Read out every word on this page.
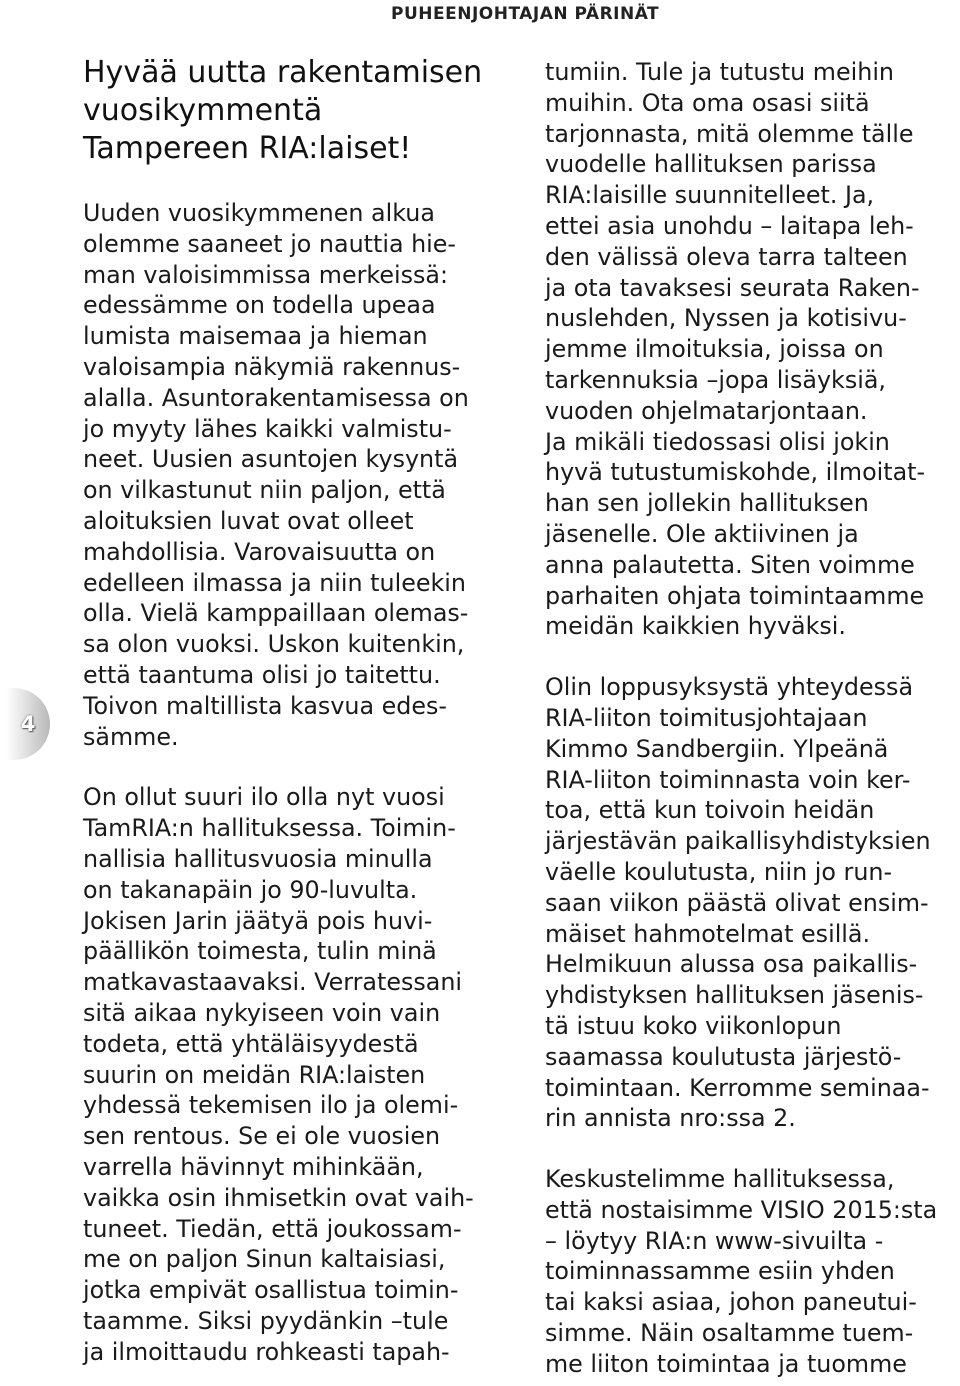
PUHEENJOHTAJAN PÄRINÄT
4
Hyvää uutta rakentamisen
vuosikymmentä
Tampereen RIA:laiset!

Uuden vuosikymmenen alkua
olemme saaneet jo nauttia hie-
man valoisimmissa merkeissä:
edessämme on todella upeaa
lumista maisemaa ja hieman
valoisampia näkymiä rakennus-
alalla. Asuntorakentamisessa on
jo myyty lähes kaikki valmistu-
neet. Uusien asuntojen kysyntä
on vilkastunut niin paljon, että
aloituksien luvat ovat olleet
mahdollisia. Varovaisuutta on
edelleen ilmassa ja niin tuleekin
olla. Vielä kamppaillaan olemas-
sa olon vuoksi. Uskon kuitenkin,
että taantuma olisi jo taitettu.
Toivon maltillista kasvua edes-
sämme.

On ollut suuri ilo olla nyt vuosi
TamRIA:n hallituksessa. Toimin-
nallisia hallitusvuosia minulla
on takanapäin jo 90-luvulta.
Jokisen Jarin jäätyä pois huvi-
päällikön toimesta, tulin minä
matkavastaavaksi. Verratessani
sitä aikaa nykyiseen voin vain
todeta, että yhtäläisyydestä
suurin on meidän RIA:laisten
yhdessä tekemisen ilo ja olemi-
sen rentous. Se ei ole vuosien
varrella hävinnyt mihinkään,
vaikka osin ihmisetkin ovat vaih-
tuneet. Tiedän, että joukossam-
me on paljon Sinun kaltaisiasi,
jotka empivät osallistua toimin-
taamme. Siksi pyydänkin –tule
ja ilmoittaudu rohkeasti tapah-

tumiin. Tule ja tutustu meihin
muihin. Ota oma osasi siitä
tarjonnasta, mitä olemme tälle
vuodelle hallituksen parissa
RIA:laisille suunnitelleet. Ja,
ettei asia unohdu – laitapa leh-
den välissä oleva tarra talteen
ja ota tavaksesi seurata Raken-
nuslehden, Nyssen ja kotisivu-
jemme ilmoituksia, joissa on
tarkennuksia –jopa lisäyksiä,
vuoden ohjelmatarjontaan.
Ja mikäli tiedossasi olisi jokin
hyvä tutustumiskohde, ilmoitat-
han sen jollekin hallituksen
jäsenelle. Ole aktiivinen ja
anna palautetta. Siten voimme
parhaiten ohjata toimintaamme
meidän kaikkien hyväksi.

Olin loppusyksystä yhteydessä
RIA-liiton toimitusjohtajaan
Kimmo Sandbergiin. Ylpeänä
RIA-liiton toiminnasta voin ker-
toa, että kun toivoin heidän
järjestävän paikallisyhdistyksien
väelle koulutusta, niin jo run-
saan viikon päästä olivat ensim-
mäiset hahmotelmat esillä.
Helmikuun alussa osa paikallis-
yhdistyksen hallituksen jäsenis-
tä istuu koko viikonlopun
saamassa koulutusta järjestö-
toimintaan. Kerromme seminaa-
rin annista nro:ssa 2.

Keskustelimme hallituksessa,
että nostaisimme VISIO 2015:sta
– löytyy RIA:n www-sivuilta -
toiminnassamme esiin yhden
tai kaksi asiaa, johon paneutui-
simme. Näin osaltamme tuem-
me liiton toimintaa ja tuomme
